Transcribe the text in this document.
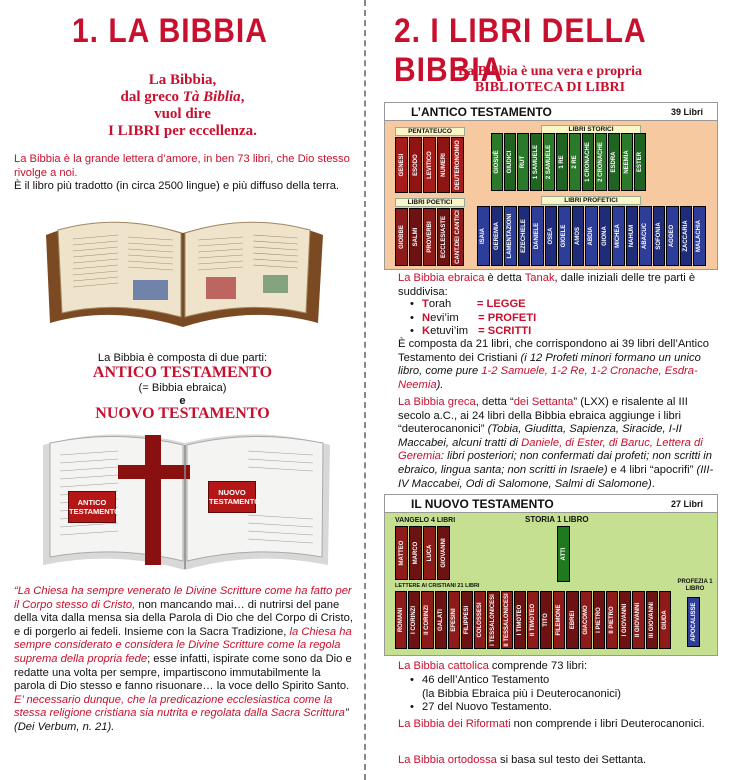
1. LA BIBBIA
La Bibbia,
dal greco Tà Biblia,
vuol dire
I LIBRI per eccellenza.
La Bibbia è la grande lettera d’amore, in ben 73 libri, che Dio stesso rivolge a noi.
È il libro più tradotto (in circa 2500 lingue) e più diffuso della terra.
La Bibbia è composta di due parti:
ANTICO TESTAMENTO
(= Bibbia ebraica)
e
NUOVO TESTAMENTO
ANTICO TESTAMENTO
NUOVO TESTAMENTO
“La Chiesa ha sempre venerato le Divine Scritture come ha fatto per il Corpo stesso di Cristo, non mancando mai… di nutrirsi del pane della vita dalla mensa sia della Parola di Dio che del Corpo di Cristo, e di porgerlo ai fedeli. Insieme con la Sacra Tradizione, la Chiesa ha sempre considerato e considera le Divine Scritture come la regola suprema della propria fede; esse infatti, ispirate come sono da Dio e redatte una volta per sempre, impartiscono immutabilmente la parola di Dio stesso e fanno risuonare… la voce dello Spirito Santo. E’ necessario dunque, che la predicazione ecclesiastica come la stessa religione cristiana sia nutrita e regolata dalla Sacra Scrittura” (Dei Verbum, n. 21).
2. I LIBRI DELLA BIBBIA
La Bibbia è una vera e propria
BIBLIOTECA DI LIBRI
L’ANTICO TESTAMENTO	39 Libri
PENTATEUCO	LIBRI STORICI
LIBRI POETICI	LIBRI PROFETICI
GENESI ESODO LEVITICO NUMERI DEUTERONOMIO	GIOSUÈ GIUDICI RUT 1 SAMUELE 2 SAMUELE 1 RE 2 RE 1 CRONACHE 2 CRONACHE ESDRA NEEMIA ESTER
GIOBBE SALMI PROVERBI ECCLESIASTE CANT.DEI CANTICI	ISAIA GEREMIA LAMENTAZIONI EZECHIELE DANIELE OSEA GIOELE AMOS ABDIA GIONA MICHEA NAHUM ABACUC SOFONIA AGGEO ZACCARIA MALACHIA
La Bibbia ebraica è detta Tanak, dalle iniziali delle tre parti è suddivisa:
• Torah = LEGGE
• Nevi’im = PROFETI
• Ketuvi’im = SCRITTI
È composta da 21 libri, che corrispondono ai 39 libri dell’Antico Testamento dei Cristiani (i 12 Profeti minori formano un unico libro, come pure 1-2 Samuele, 1-2 Re, 1-2 Cronache, Esdra-Neemia).
La Bibbia greca, detta “dei Settanta” (LXX) e risalente al III secolo a.C., ai 24 libri della Bibbia ebraica aggiunge i libri “deuterocanonici” (Tobia, Giuditta, Sapienza, Siracide, I-II Maccabei, alcuni tratti di Daniele, di Ester, di Baruc, Lettera di Geremia: libri posteriori; non confermati dai profeti; non scritti in ebraico, lingua santa; non scritti in Israele) e 4 libri “apocrifi” (III-IV Maccabei, Odi di Salomone, Salmi di Salomone).
IL NUOVO TESTAMENTO	27 Libri
VANGELO 4 LIBRI	STORIA 1 LIBRO
LETTERE AI CRISTIANI 21 LIBRI
PROFEZIA 1 LIBRO
MATTEO MARCO LUCA GIOVANNI	ATTI
ROMANI I CORINZI II CORINZI GALATI EFESINI FILIPPESI COLOSSESI I TESSALONICESI II TESSALONICESI I TIMOTEO II TIMOTEO TITO FILEMONE EBREI GIACOMO I PIETRO II PIETRO I GIOVANNI II GIOVANNI III GIOVANNI GIUDA	APOCALISSE
La Bibbia cattolica comprende 73 libri:
• 46 dell’Antico Testamento
(la Bibbia Ebraica più i Deuterocanonici)
• 27 del Nuovo Testamento.
La Bibbia dei Riformati non comprende i libri Deuterocanonici.
La Bibbia ortodossa si basa sul testo dei Settanta.
